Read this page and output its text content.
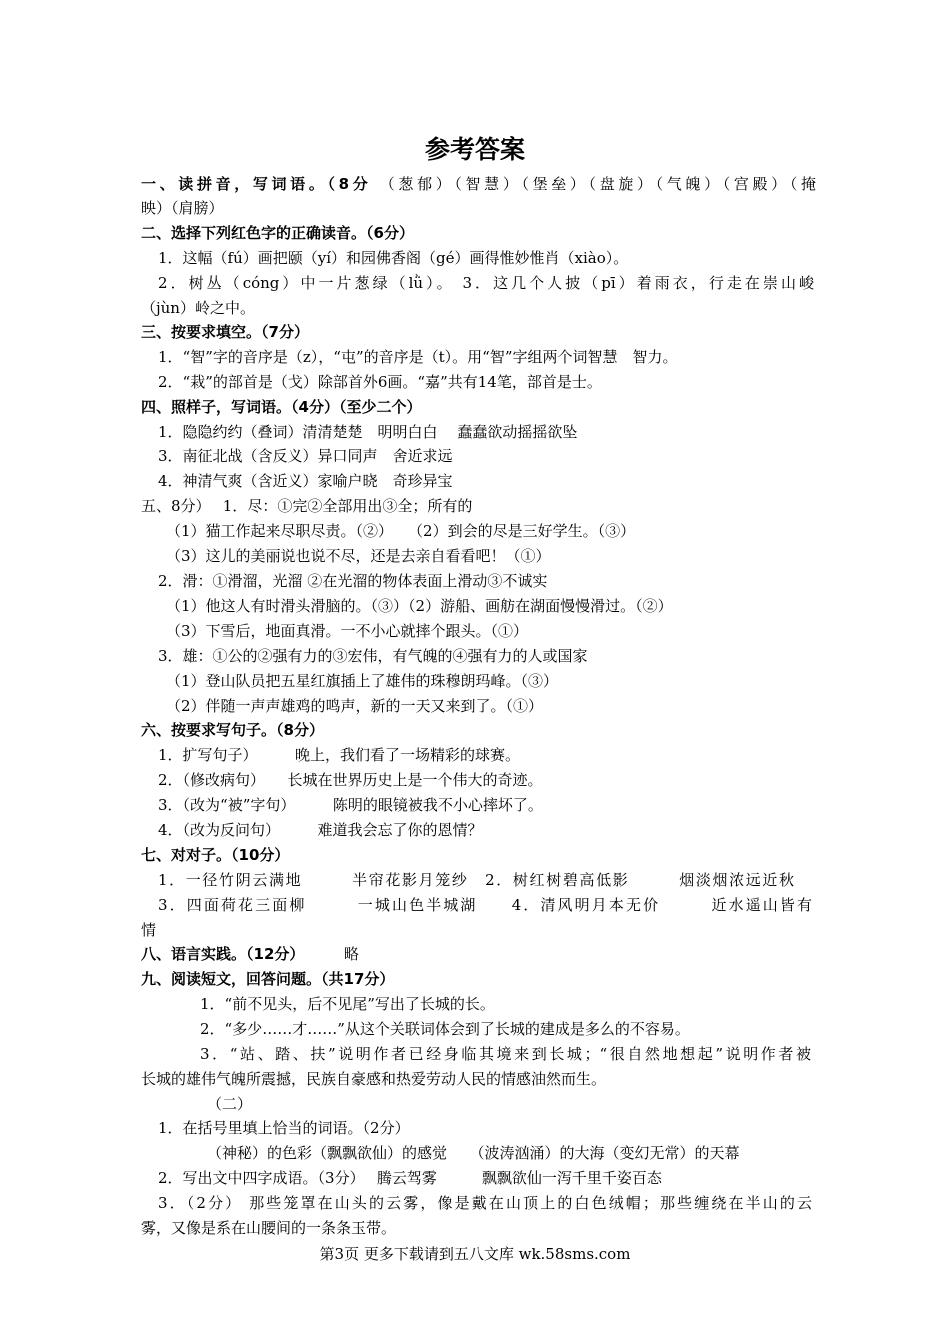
参考答案
一、读拼音，写词语。（8分 （葱郁）（智慧）（堡垒）（盘旋）（气魄）（宫殿）（掩
映）（肩膀）
二、选择下列红色字的正确读音。（6分）
1．这幅（fú）画把颐（yí）和园佛香阁（gé）画得惟妙惟肖（xiào）。
2．树丛（cóng）中一片葱绿（lǜ）。 3．这几个人披（pī）着雨衣，行走在崇山峻
（jùn）岭之中。
三、按要求填空。（7分）
1．“智”字的音序是（z），“屯”的音序是（t）。用“智”字组两个词智慧　智力。
2．“栽”的部首是（戈）除部首外6画。“嘉”共有14笔，部首是士。
四、照样子，写词语。（4分）（至少二个）
1．隐隐约约（叠词）清清楚楚　明明白白　 蠢蠢欲动摇摇欲坠
3．南征北战（含反义）异口同声　舍近求远
4．神清气爽（含近义）家喻户晓　奇珍异宝
五、8分）　 1．尽：①完②全部用出③全；所有的
（1）猫工作起来尽职尽责。（②）　　（2）到会的尽是三好学生。（③）
（3）这儿的美丽说也说不尽，还是去亲自看看吧！（①）
2．滑：①滑溜，光溜 ②在光溜的物体表面上滑动③不诚实
（1）他这人有时滑头滑脑的。（③）（2）游船、画舫在湖面慢慢滑过。（②）
（3）下雪后，地面真滑。一不小心就摔个跟头。（①）
3．雄：①公的②强有力的③宏伟，有气魄的④强有力的人或国家
（1）登山队员把五星红旗插上了雄伟的珠穆朗玛峰。（③）
（2）伴随一声声雄鸡的鸣声，新的一天又来到了。（①）
六、按要求写句子。（8分）
1．扩写句子）　　　晚上，我们看了一场精彩的球赛。
2．（修改病句）　　长城在世界历史上是一个伟大的奇迹。
3．（改为“被”字句）　　　陈明的眼镜被我不小心摔坏了。
4．（改为反问句）　　　难道我会忘了你的恩情？
七、对对子。（10分）
1．一径竹阴云满地　　　半帘花影月笼纱　2．树红树碧高低影　　　烟淡烟浓远近秋
3．四面荷花三面柳　　　一城山色半城湖　　4．清风明月本无价　　　近水遥山皆有
情
八、语言实践。（12分）	略
九、阅读短文，回答问题。（共17分）
1．“前不见头，后不见尾”写出了长城的长。
2．“多少……才……”从这个关联词体会到了长城的建成是多么的不容易。
3．“站、踏、扶”说明作者已经身临其境来到长城；“很自然地想起”说明作者被
长城的雄伟气魄所震撼，民族自豪感和热爱劳动人民的情感油然而生。
（二）
1．在括号里填上恰当的词语。（2分）
（神秘）的色彩（飘飘欲仙）的感觉　　（波涛汹涌）的大海（变幻无常）的天幕
2．写出文中四字成语。（3分）　 腾云驾雾　　　飘飘欲仙一泻千里千姿百态
3．（2分） 那些笼罩在山头的云雾，像是戴在山顶上的白色绒帽；那些缠绕在半山的云
雾，又像是系在山腰间的一条条玉带。
第3页 更多下载请到五八文库 wk.58sms.com
